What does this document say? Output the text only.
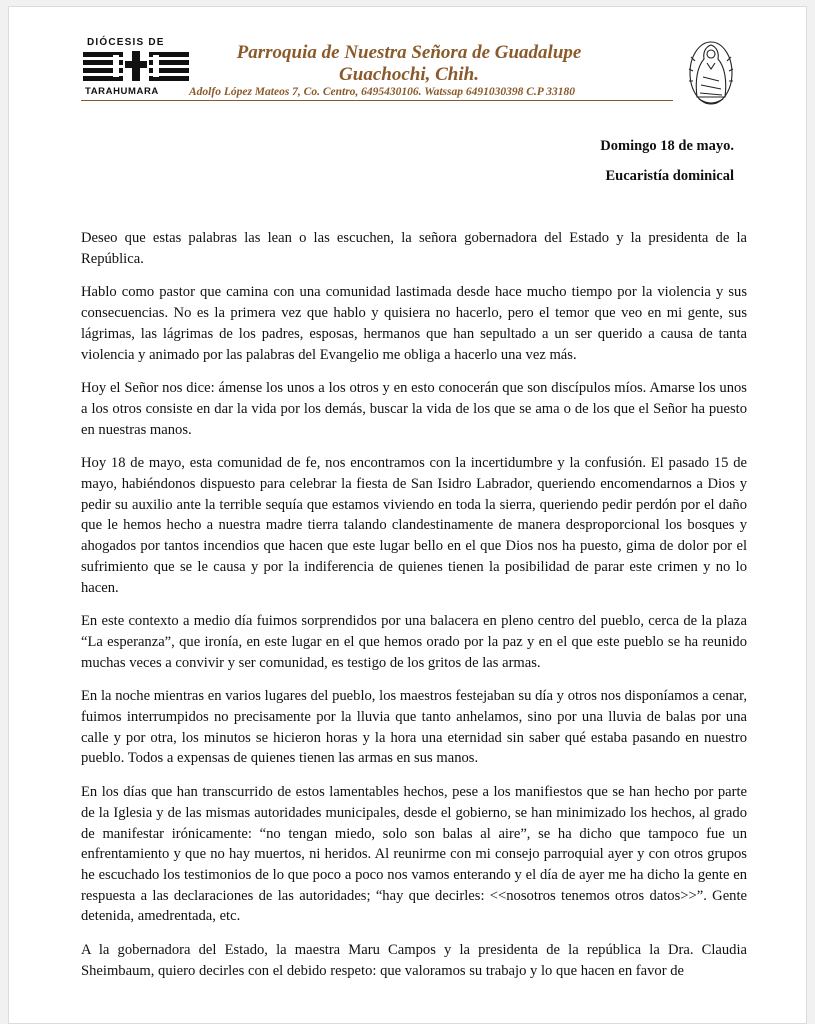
DIÓCESIS DE
TARAHUMARA
Parroquia de Nuestra Señora de Guadalupe
Guachochi, Chih.
Adolfo López Mateos 7, Co. Centro, 6495430106. Watssap 6491030398 C.P 33180
Domingo 18 de mayo.
Eucaristía dominical

Deseo que estas palabras las lean o las escuchen, la señora gobernadora del Estado y la presidenta de la República.

Hablo como pastor que camina con una comunidad lastimada desde hace mucho tiempo por la violencia y sus consecuencias. No es la primera vez que hablo y quisiera no hacerlo, pero el temor que veo en mi gente, sus lágrimas, las lágrimas de los padres, esposas, hermanos que han sepultado a un ser querido a causa de tanta violencia y animado por las palabras del Evangelio me obliga a hacerlo una vez más.

Hoy el Señor nos dice: ámense los unos a los otros y en esto conocerán que son discípulos míos. Amarse los unos a los otros consiste en dar la vida por los demás, buscar la vida de los que se ama o de los que el Señor ha puesto en nuestras manos.

Hoy 18 de mayo, esta comunidad de fe, nos encontramos con la incertidumbre y la confusión. El pasado 15 de mayo, habiéndonos dispuesto para celebrar la fiesta de San Isidro Labrador, queriendo encomendarnos a Dios y pedir su auxilio ante la terrible sequía que estamos viviendo en toda la sierra, queriendo pedir perdón por el daño que le hemos hecho a nuestra madre tierra talando clandestinamente de manera desproporcional los bosques y ahogados por tantos incendios que hacen que este lugar bello en el que Dios nos ha puesto, gima de dolor por el sufrimiento que se le causa y por la indiferencia de quienes tienen la posibilidad de parar este crimen y no lo hacen.

En este contexto a medio día fuimos sorprendidos por una balacera en pleno centro del pueblo, cerca de la plaza “La esperanza”, que ironía, en este lugar en el que hemos orado por la paz y en el que este pueblo se ha reunido muchas veces a convivir y ser comunidad, es testigo de los gritos de las armas.

En la noche mientras en varios lugares del pueblo, los maestros festejaban su día y otros nos disponíamos a cenar, fuimos interrumpidos no precisamente por la lluvia que tanto anhelamos, sino por una lluvia de balas por una calle y por otra, los minutos se hicieron horas y la hora una eternidad sin saber qué estaba pasando en nuestro pueblo. Todos a expensas de quienes tienen las armas en sus manos.

En los días que han transcurrido de estos lamentables hechos, pese a los manifiestos que se han hecho por parte de la Iglesia y de las mismas autoridades municipales, desde el gobierno, se han minimizado los hechos, al grado de manifestar irónicamente: “no tengan miedo, solo son balas al aire”, se ha dicho que tampoco fue un enfrentamiento y que no hay muertos, ni heridos. Al reunirme con mi consejo parroquial ayer y con otros grupos he escuchado los testimonios de lo que poco a poco nos vamos enterando y el día de ayer me ha dicho la gente en respuesta a las declaraciones de las autoridades; “hay que decirles: <<nosotros tenemos otros datos>>”. Gente detenida, amedrentada, etc.

A la gobernadora del Estado, la maestra Maru Campos y la presidenta de la república la Dra. Claudia Sheimbaum, quiero decirles con el debido respeto: que valoramos su trabajo y lo que hacen en favor de
